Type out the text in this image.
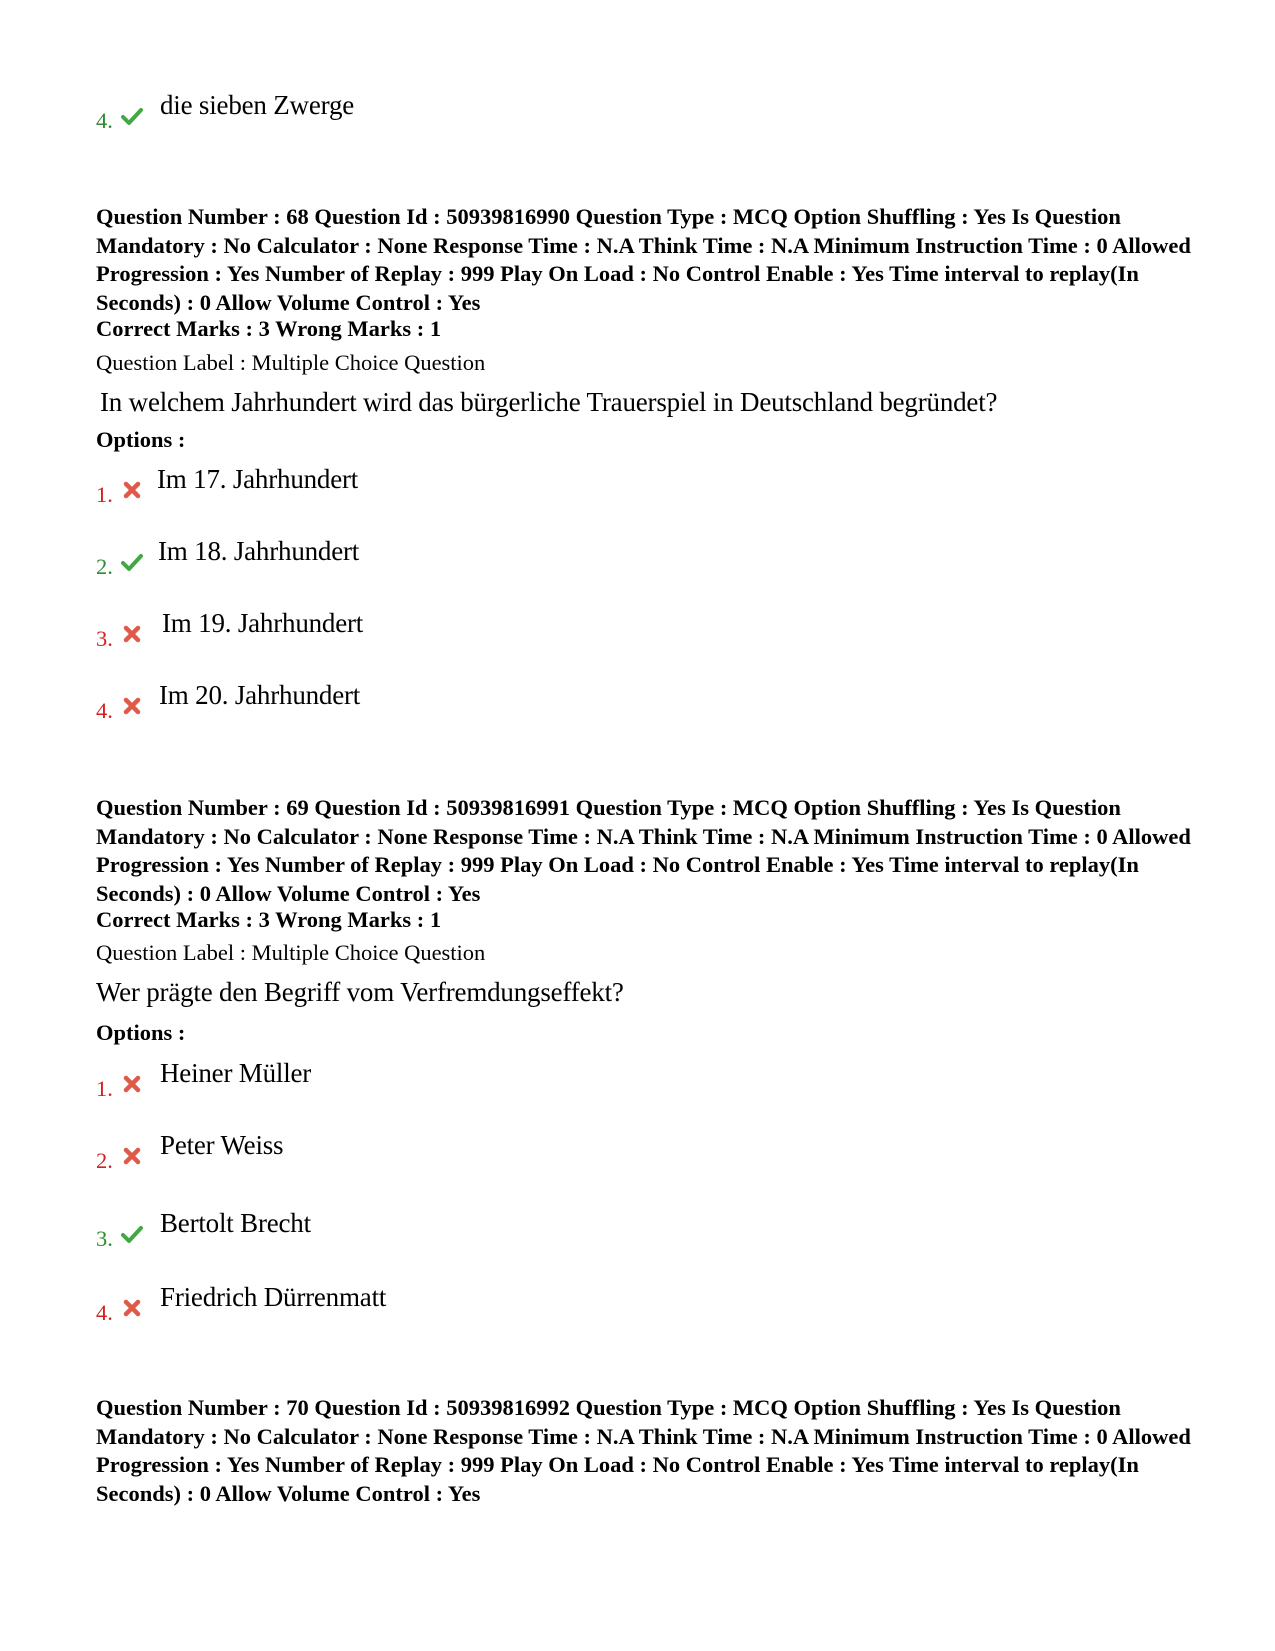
4.
die sieben Zwerge

Question Number : 68 Question Id : 50939816990 Question Type : MCQ Option Shuffling : Yes Is Question Mandatory : No Calculator : None Response Time : N.A Think Time : N.A Minimum Instruction Time : 0 Allowed Progression : Yes Number of Replay : 999 Play On Load : No Control Enable : Yes Time interval to replay(In Seconds) : 0 Allow Volume Control : Yes

Correct Marks : 3 Wrong Marks : 1

Question Label : Multiple Choice Question

In welchem Jahrhundert wird das bürgerliche Trauerspiel in Deutschland begründet?

Options :

1.
Im 17. Jahrhundert
2.
Im 18. Jahrhundert
3.
Im 19. Jahrhundert
4.
Im 20. Jahrhundert

Question Number : 69 Question Id : 50939816991 Question Type : MCQ Option Shuffling : Yes Is Question Mandatory : No Calculator : None Response Time : N.A Think Time : N.A Minimum Instruction Time : 0 Allowed Progression : Yes Number of Replay : 999 Play On Load : No Control Enable : Yes Time interval to replay(In Seconds) : 0 Allow Volume Control : Yes

Correct Marks : 3 Wrong Marks : 1

Question Label : Multiple Choice Question

Wer prägte den Begriff vom Verfremdungseffekt?

Options :

1.
Heiner Müller
2.
Peter Weiss
3.
Bertolt Brecht
4.
Friedrich Dürrenmatt

Question Number : 70 Question Id : 50939816992 Question Type : MCQ Option Shuffling : Yes Is Question Mandatory : No Calculator : None Response Time : N.A Think Time : N.A Minimum Instruction Time : 0 Allowed Progression : Yes Number of Replay : 999 Play On Load : No Control Enable : Yes Time interval to replay(In Seconds) : 0 Allow Volume Control : Yes
